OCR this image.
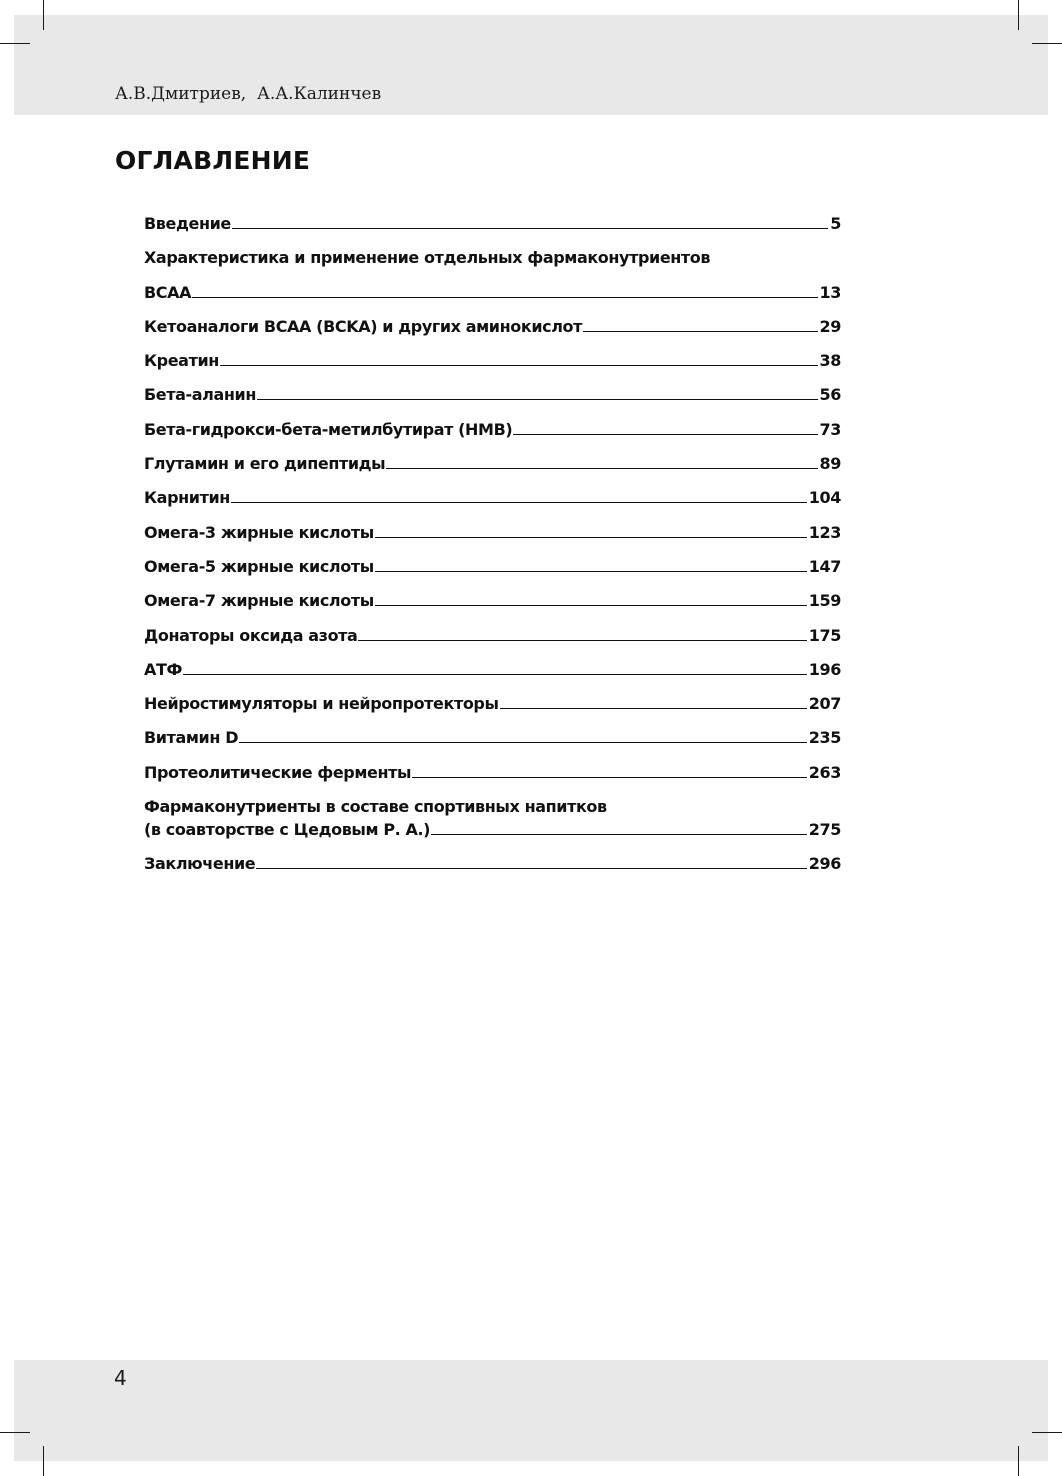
А.В.Дмитриев,  А.А.Калинчев
ОГЛАВЛЕНИЕ
Введение	5
Характеристика и применение отдельных фармаконутриентов
BCAA	13
Кетоаналоги BCAA (BCKA) и других аминокислот	29
Креатин	38
Бета-аланин	56
Бета-гидрокси-бета-метилбутират (HMB)	73
Глутамин и его дипептиды	89
Карнитин	104
Омега-3 жирные кислоты	123
Омега-5 жирные кислоты	147
Омега-7 жирные кислоты	159
Донаторы оксида азота	175
АТФ	196
Нейростимуляторы и нейропротекторы	207
Витамин D	235
Протеолитические ферменты	263
Фармаконутриенты в составе спортивных напитков
(в соавторстве с Цедовым Р. А.)	275
Заключение	296
4
